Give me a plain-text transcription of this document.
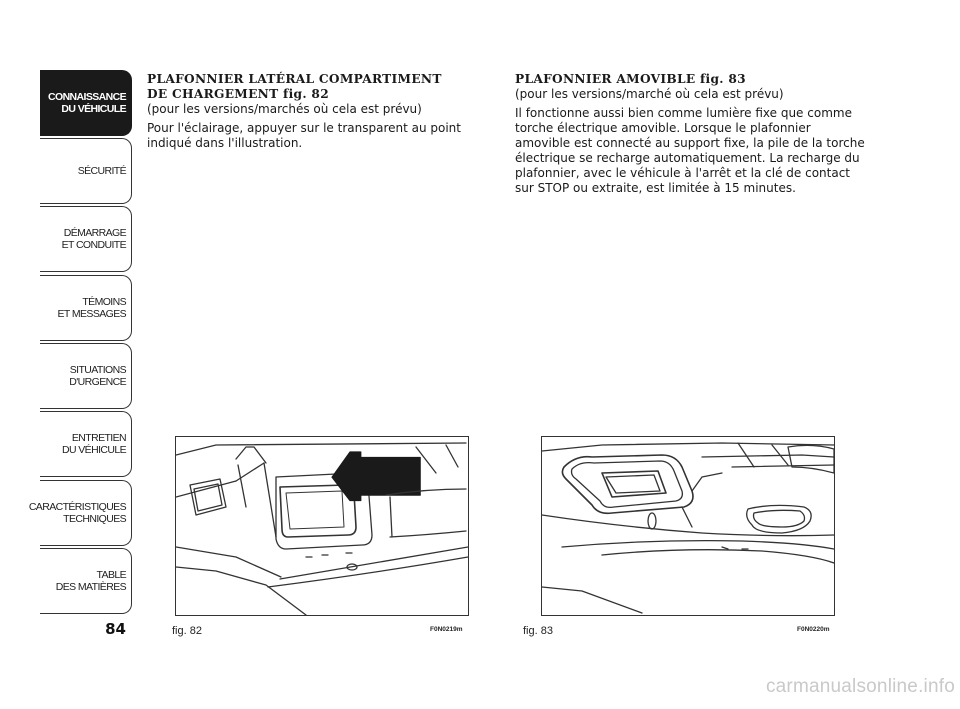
CONNAISSANCE
DU VÉHICULE
SÉCURITÉ
DÉMARRAGE
ET CONDUITE
TÉMOINS
ET MESSAGES
SITUATIONS
D'URGENCE
ENTRETIEN
DU VÉHICULE
CARACTÉRISTIQUES
TECHNIQUES
TABLE
DES MATIÈRES
84
PLAFONNIER LATÉRAL COMPARTIMENT
DE CHARGEMENT fig. 82

(pour les versions/marchés où cela est prévu)

Pour l'éclairage, appuyer sur le transparent au point indiqué dans l'illustration.

PLAFONNIER AMOVIBLE fig. 83

(pour les versions/marché où cela est prévu)

Il fonctionne aussi bien comme lumière fixe que comme torche électrique amovible. Lorsque le plafonnier amovible est connecté au support fixe, la pile de la torche électrique se recharge automatiquement. La recharge du plafonnier, avec le véhicule à l'arrêt et la clé de contact sur STOP ou extraite, est limitée à 15 minutes.

fig. 82	F0N0219m	fig. 83	F0N0220m
carmanualsonline.info
